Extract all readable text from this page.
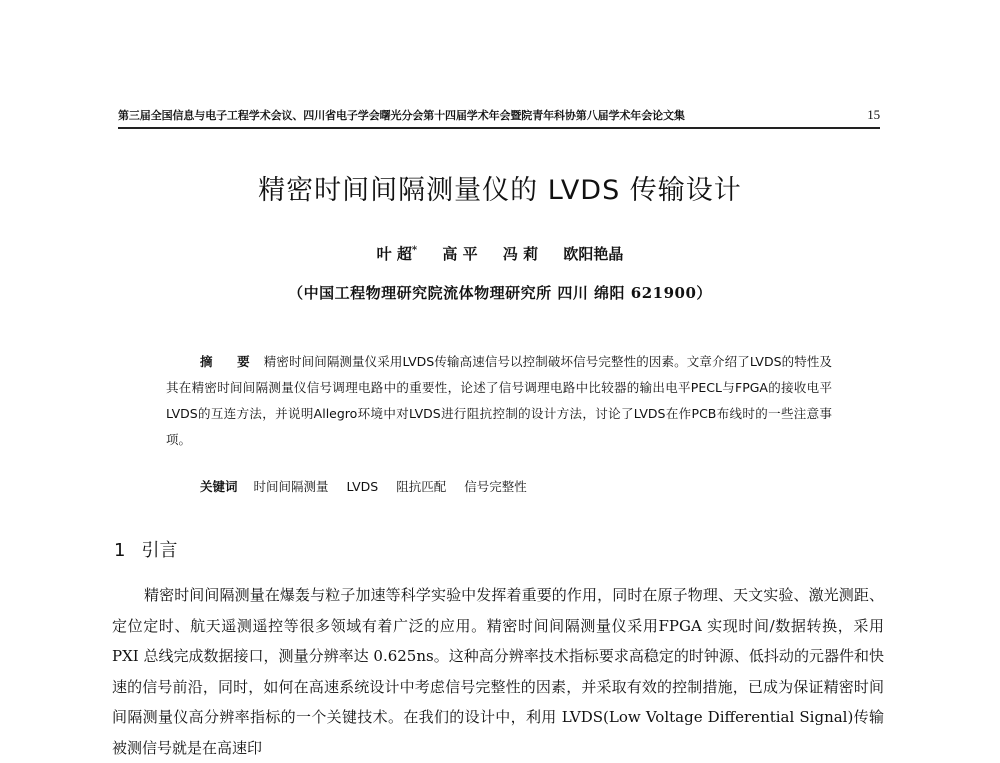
第三届全国信息与电子工程学术会议、四川省电子学会曙光分会第十四届学术年会暨院青年科协第八届学术年会论文集	15
精密时间间隔测量仪的 LVDS 传输设计
叶 超* 高 平 冯 莉 欧阳艳晶
（中国工程物理研究院流体物理研究所 四川 绵阳 621900）
摘 要 精密时间间隔测量仪采用LVDS传输高速信号以控制破坏信号完整性的因素。文章介绍了LVDS的特性及其在精密时间间隔测量仪信号调理电路中的重要性，论述了信号调理电路中比较器的输出电平PECL与FPGA的接收电平LVDS的互连方法，并说明Allegro环境中对LVDS进行阻抗控制的设计方法，讨论了LVDS在作PCB布线时的一些注意事项。
关键词 时间间隔测量 LVDS 阻抗匹配 信号完整性
1 引言
精密时间间隔测量在爆轰与粒子加速等科学实验中发挥着重要的作用，同时在原子物理、天文实验、激光测距、定位定时、航天遥测遥控等很多领域有着广泛的应用。精密时间间隔测量仪采用FPGA 实现时间/数据转换，采用 PXI 总线完成数据接口，测量分辨率达 0.625ns。这种高分辨率技术指标要求高稳定的时钟源、低抖动的元器件和快速的信号前沿，同时，如何在高速系统设计中考虑信号完整性的因素，并采取有效的控制措施，已成为保证精密时间间隔测量仪高分辨率指标的一个关键技术。在我们的设计中，利用 LVDS(Low Voltage Differential Signal)传输被测信号就是在高速印
